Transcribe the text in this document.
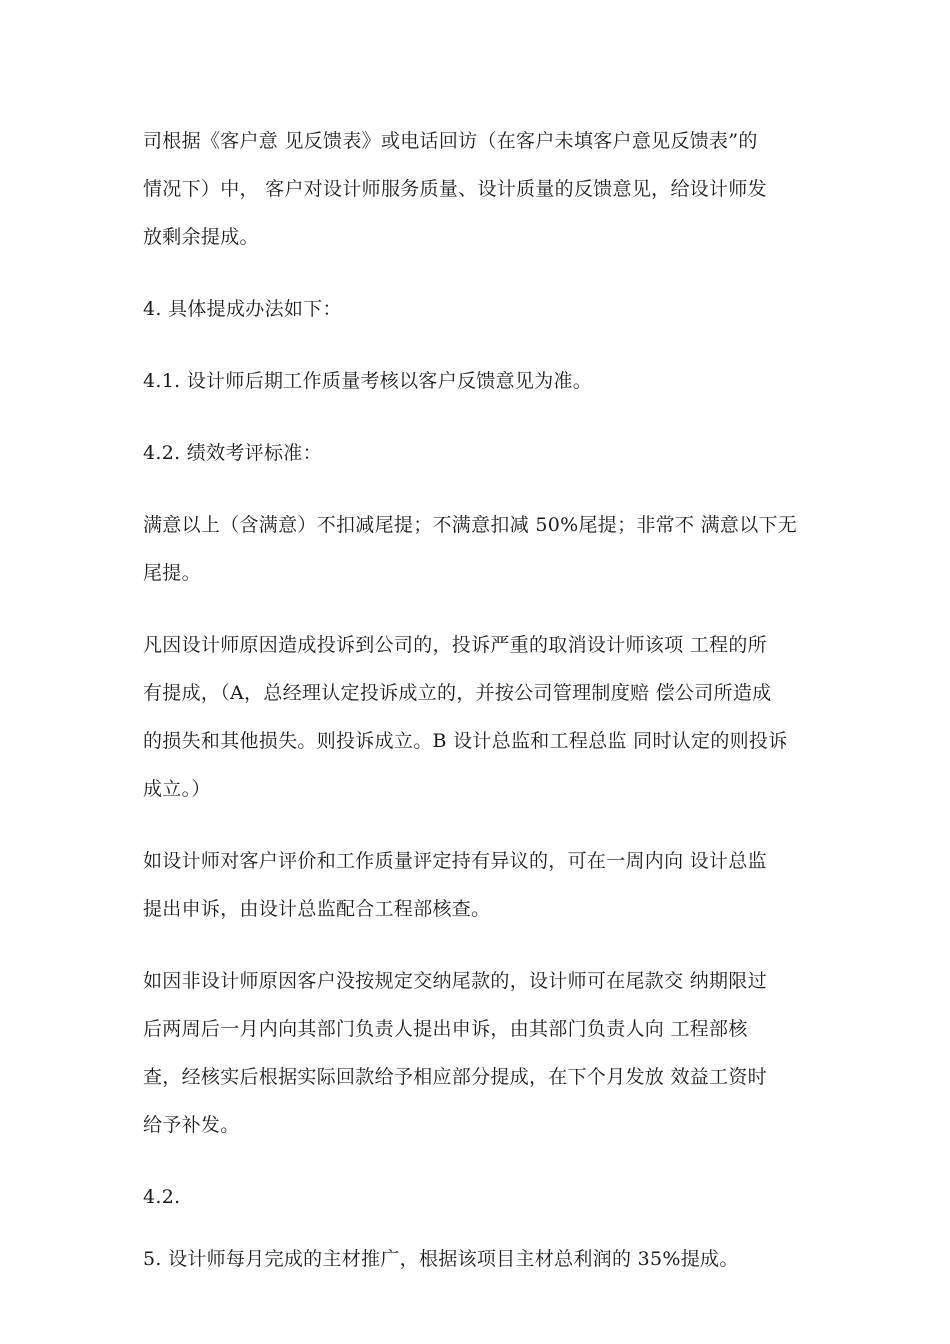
司根据《客户意 见反馈表》或电话回访（在客户未填客户意见反馈表”的
情况下）中， 客户对设计师服务质量、设计质量的反馈意见，给设计师发
放剩余提成。

4. 具体提成办法如下：

4.1. 设计师后期工作质量考核以客户反馈意见为准。

4.2. 绩效考评标准：

满意以上（含满意）不扣减尾提；不满意扣减 50%尾提；非常不 满意以下无
尾提。

凡因设计师原因造成投诉到公司的，投诉严重的取消设计师该项 工程的所
有提成，（A，总经理认定投诉成立的，并按公司管理制度赔 偿公司所造成
的损失和其他损失。则投诉成立。B 设计总监和工程总监 同时认定的则投诉
成立。）

如设计师对客户评价和工作质量评定持有异议的，可在一周内向 设计总监
提出申诉，由设计总监配合工程部核查。

如因非设计师原因客户没按规定交纳尾款的，设计师可在尾款交 纳期限过
后两周后一月内向其部门负责人提出申诉，由其部门负责人向 工程部核
查，经核实后根据实际回款给予相应部分提成，在下个月发放 效益工资时
给予补发。

4.2.

5. 设计师每月完成的主材推广，根据该项目主材总利润的 35%提成。
